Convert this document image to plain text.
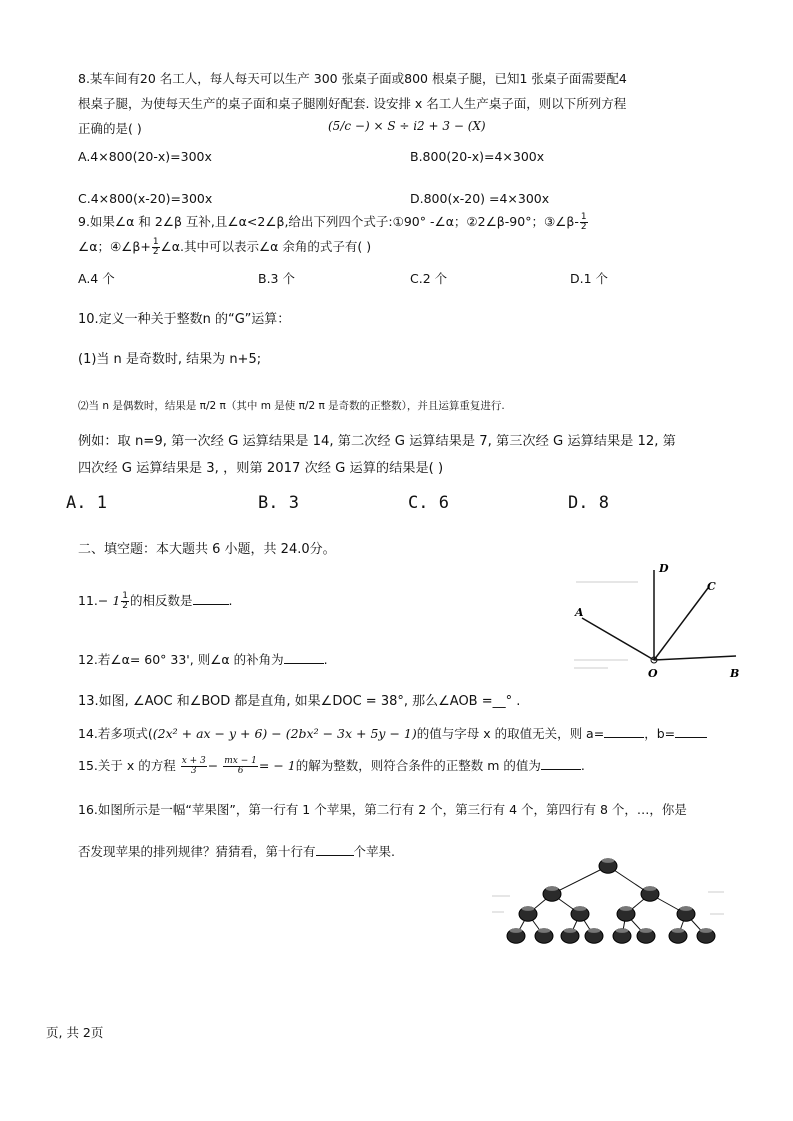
8.某车间有20 名工人，每人每天可以生产 300 张桌子面或800 根桌子腿，已知1 张桌子面需要配4
根桌子腿，为使每天生产的桌子面和桌子腿刚好配套. 设安排 x 名工人生产桌子面，则以下所列方程
正确的是( )	(5/c −) × S ÷ i2 + 3 − (X)
A.4×800(20-x)=300x	B.800(20-x)=4×300x
C.4×800(x-20)=300x	D.800(x-20) =4×300x
9.如果∠α 和 2∠β 互补,且∠α<2∠β,给出下列四个式子:①90° -∠α；②2∠β-90°；③∠β- $\frac{1}{2}$
∠α；④∠β+ $\frac{1}{2}$ ∠α.其中可以表示∠α 余角的式子有( )
A.4 个	B.3 个	C.2 个	D.1 个
10.定义一种关于整数n 的“G”运算：
(1)当 n 是奇数时, 结果为 n+5;
⑵当 n 是偶数时，结果是 π/2 π（其中 m 是使 π/2 π 是奇数的正整数），并且运算重复进行.
例如：取 n=9, 第一次经 G 运算结果是 14, 第二次经 G 运算结果是 7, 第三次经 G 运算结果是 12, 第
四次经 G 运算结果是 3, ，则第 2017 次经 G 运算的结果是( )
A. 1	B. 3	C. 6	D. 8
二、填空题：本大题共 6 小题，共 24.0分。
$11.- 1 \frac{1}{2}$ 的相反数是	.
12.若∠α= 60° 33', 则∠α 的补角为	.
D
C
A
O	B
13.如图, ∠AOC 和∠BOD 都是直角, 如果∠DOC = 38°, 那么∠AOB =__° .
14.若多项式((2x² + ax − y + 6) − (2bx² − 3x + 5y − 1)的值与字母 x 的取值无关，则 a=	，b=
15.关于 x 的方程 $\frac{x + 3}{3} - \frac{mx - 1}{6}$ = − 1的解为整数，则符合条件的正整数 m 的值为	.
16.如图所示是一幅“苹果图”，第一行有 1 个苹果，第二行有 2 个，第三行有 4 个，第四行有 8 个，…，你是
否发现苹果的排列规律？猜猜看，第十行有	个苹果.
页, 共 2页
